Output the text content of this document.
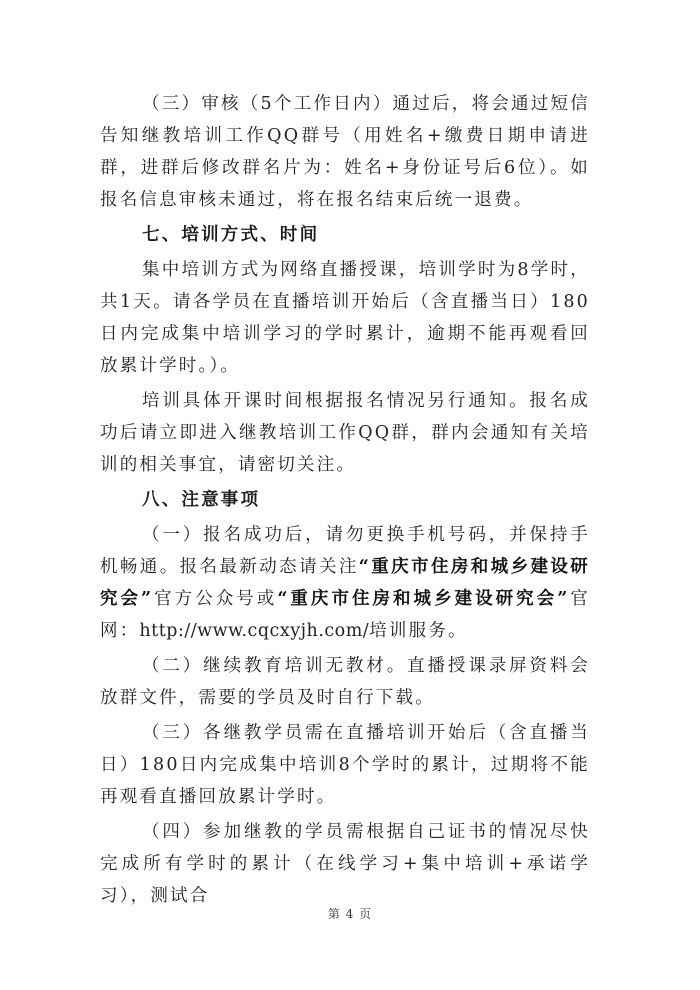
（三）审核（5个工作日内）通过后，将会通过短信告知继教培训工作QQ群号（用姓名+缴费日期申请进群，进群后修改群名片为：姓名+身份证号后6位）。如报名信息审核未通过，将在报名结束后统一退费。

七、培训方式、时间

集中培训方式为网络直播授课，培训学时为8学时，共1天。请各学员在直播培训开始后（含直播当日）180日内完成集中培训学习的学时累计，逾期不能再观看回放累计学时。）。

培训具体开课时间根据报名情况另行通知。报名成功后请立即进入继教培训工作QQ群，群内会通知有关培训的相关事宜，请密切关注。

八、注意事项

（一）报名成功后，请勿更换手机号码，并保持手机畅通。报名最新动态请关注“重庆市住房和城乡建设研究会”官方公众号或“重庆市住房和城乡建设研究会”官网：http://www.cqcxyjh.com/培训服务。

（二）继续教育培训无教材。直播授课录屏资料会放群文件，需要的学员及时自行下载。

（三）各继教学员需在直播培训开始后（含直播当日）180日内完成集中培训8个学时的累计，过期将不能再观看直播回放累计学时。

（四）参加继教的学员需根据自己证书的情况尽快完成所有学时的累计（在线学习+集中培训+承诺学习），测试合

第 4 页
